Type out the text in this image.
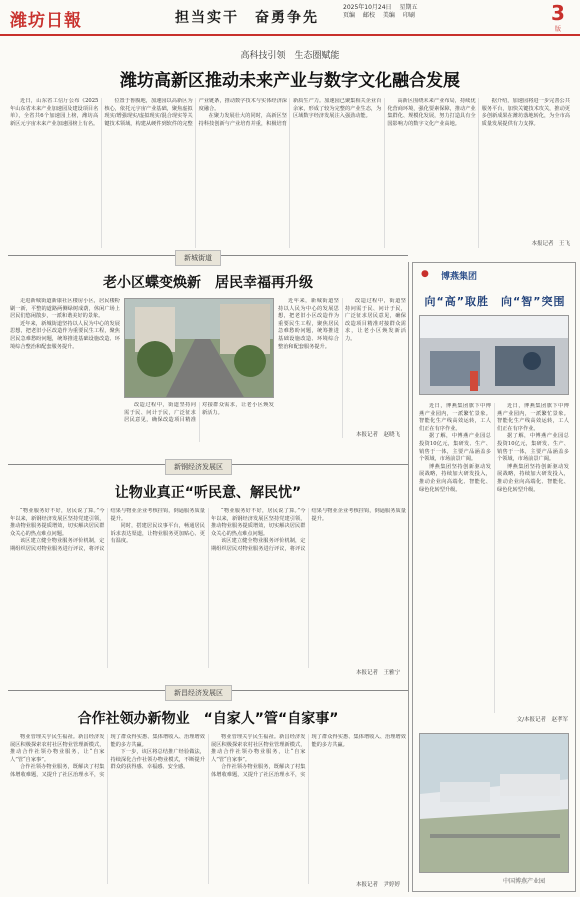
潍坊日報	担当实干　奋勇争先
2025年10月24日 星期五
页编 邮校 美编 印刷	3
版
高科技引领　生态圈赋能
潍坊高新区推动未来产业与数字文化融合发展

近日，山东省工信厅公布《2025年山东省未来产业加速园及建设项目名单》，全省共6个加速园上榜，潍坊高新区元宇宙未来产业加速园榜上有名。

位置于鲁腹地，加速园以高新区为核心，依托元宇宙产业基础，聚焦虚拟现实/增强现实/虚拟现实/混合现实等关键技术领域，构建从硬件到软件的完整产业链条，推动数字技术与实体经济深度融合。

在聚力发展壮大的同时，高新区坚持科技创新与产业培育并重，积极培育新质生产力。加速园已聚集相关企业百余家，形成了较为完整的产业生态，为区域数字经济发展注入强劲动能。

高新区围绕未来产业布局，持续优化营商环境，强化要素保障，推动产业集群化、规模化发展，努力打造具有全国影响力的数字文化产业高地。

据介绍，加速园将进一步完善公共服务平台，加快关键技术攻关，推动更多创新成果在潍坊落地转化，为全市高质量发展提供有力支撑。

本报记者　王飞
新城街道
老小区蝶变焕新　居民幸福再升级

走进新城街道新康社区楼房小区，居民楼粉刷一新，平整的道路两侧绿树成荫，休闲广场上居民们悠闲散步，一派和谐美好的景象。

近年来，新城街道坚持以人民为中心的发展思想，把老旧小区改造作为重要民生工程，聚焦居民急难愁盼问题，统筹推进基础设施改造、环境综合整治和配套服务提升。

改造过程中，街道坚持问需于民、问计于民，广泛征求居民意见，确保改造项目精准对接群众需求，让老小区焕发新活力。

近年来，新城街道坚持以人民为中心的发展思想，把老旧小区改造作为重要民生工程，聚焦居民急难愁盼问题，统筹推进基础设施改造、环境综合整治和配套服务提升。

改造过程中，街道坚持问需于民、问计于民，广泛征求居民意见，确保改造项目精准对接群众需求，让老小区焕发新活力。

本报记者　赵晓飞
新钢经济发展区
让物业真正“听民意、解民忧”

“物业服务好不好，居民说了算。”今年以来，新钢经济发展区坚持党建引领，推动物业服务提质增效，切实解决居民群众关心的热点难点问题。

该区建立健全物业服务评价机制，定期组织居民对物业服务进行评议，将评议结果与物业企业考核挂钩，倒逼服务质量提升。

同时，搭建居民议事平台，畅通居民诉求表达渠道，让物业服务更加贴心、更有温度。

“物业服务好不好，居民说了算。”今年以来，新钢经济发展区坚持党建引领，推动物业服务提质增效，切实解决居民群众关心的热点难点问题。

该区建立健全物业服务评价机制，定期组织居民对物业服务进行评议，将评议结果与物业企业考核挂钩，倒逼服务质量提升。

本报记者　王雅宁
新昌经济发展区
合作社领办新物业　“自家人”管“自家事”

物业管理关乎民生福祉。新昌经济发展区积极探索农村社区物业管理新模式，推动合作社领办物业服务，让“自家人”管“自家事”。

合作社领办物业服务，既解决了村集体增收难题，又提升了社区治理水平，实现了群众得实惠、集体增收入、治理增效能的多方共赢。

下一步，该区将总结推广经验做法，持续深化合作社领办物业模式，不断提升群众的获得感、幸福感、安全感。

物业管理关乎民生福祉。新昌经济发展区积极探索农村社区物业管理新模式，推动合作社领办物业服务，让“自家人”管“自家事”。

合作社领办物业服务，既解决了村集体增收难题，又提升了社区治理水平，实现了群众得实惠、集体增收入、治理增效能的多方共赢。

本报记者　尹婷婷
●	博燕集团
向“高”取胜　向“智”突围

近日，博燕集团旗下中博燕产业园内，一派繁忙景象。智能化生产线高效运转，工人们正在有序作业。

据了解，中博燕产业园总投资10亿元，集研发、生产、销售于一体，主要产品涵盖多个领域，市场前景广阔。

博燕集团坚持创新驱动发展战略，持续加大研发投入，推动企业向高端化、智能化、绿色化转型升级。

近日，博燕集团旗下中博燕产业园内，一派繁忙景象。智能化生产线高效运转，工人们正在有序作业。

据了解，中博燕产业园总投资10亿元，集研发、生产、销售于一体，主要产品涵盖多个领域，市场前景广阔。

博燕集团坚持创新驱动发展战略，持续加大研发投入，推动企业向高端化、智能化、绿色化转型升级。

文/本报记者　赵孝军
中国博燕产业园
